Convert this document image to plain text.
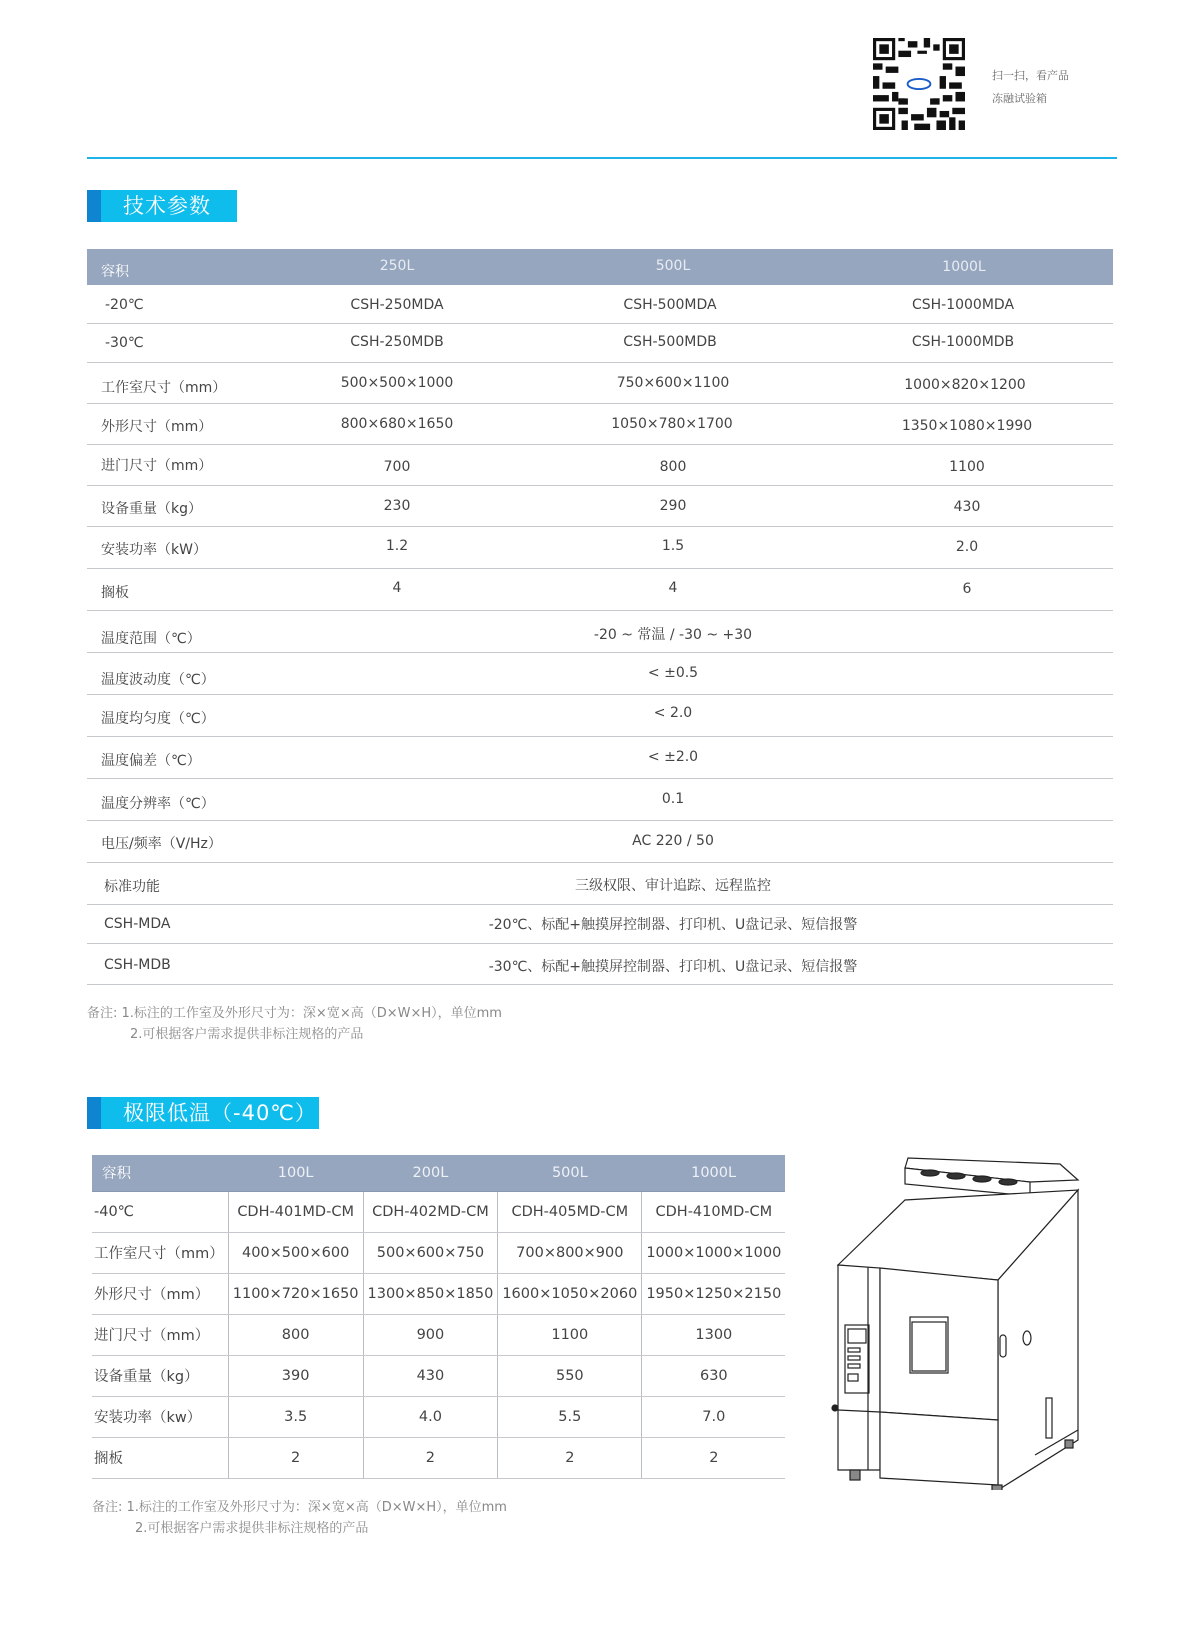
扫一扫，看产品
冻融试验箱
技术参数
容积	250L	500L	1000L
-20℃	CSH-250MDA	CSH-500MDA	CSH-1000MDA
-30℃	CSH-250MDB	CSH-500MDB	CSH-1000MDB
工作室尺寸（mm）	500×500×1000	750×600×1100	1000×820×1200
外形尺寸（mm）	800×680×1650	1050×780×1700	1350×1080×1990
进门尺寸（mm）	700	800	1100
设备重量（kg）	230	290	430
安装功率（kW）	1.2	1.5	2.0
搁板	4	4	6
温度范围（℃）	-20 ~ 常温 / -30 ~ +30
温度波动度（℃）	< ±0.5
温度均匀度（℃）	< 2.0
温度偏差（℃）	< ±2.0
温度分辨率（℃）	0.1
电压/频率（V/Hz）	AC 220 / 50
标准功能	三级权限、审计追踪、远程监控
CSH-MDA	-20℃、标配+触摸屏控制器、打印机、U盘记录、短信报警
CSH-MDB	-30℃、标配+触摸屏控制器、打印机、U盘记录、短信报警
备注: 1.标注的工作室及外形尺寸为：深×宽×高（D×W×H），单位mm
2.可根据客户需求提供非标注规格的产品
极限低温（-40℃）
容积	100L	200L	500L	1000L
-40℃	CDH-401MD-CM	CDH-402MD-CM	CDH-405MD-CM	CDH-410MD-CM
工作室尺寸（mm）	400×500×600	500×600×750	700×800×900	1000×1000×1000
外形尺寸（mm）	1100×720×1650	1300×850×1850	1600×1050×2060	1950×1250×2150
进门尺寸（mm）	800	900	1100	1300
设备重量（kg）	390	430	550	630
安装功率（kw）	3.5	4.0	5.5	7.0
搁板	2	2	2	2
备注: 1.标注的工作室及外形尺寸为：深×宽×高（D×W×H），单位mm
2.可根据客户需求提供非标注规格的产品
